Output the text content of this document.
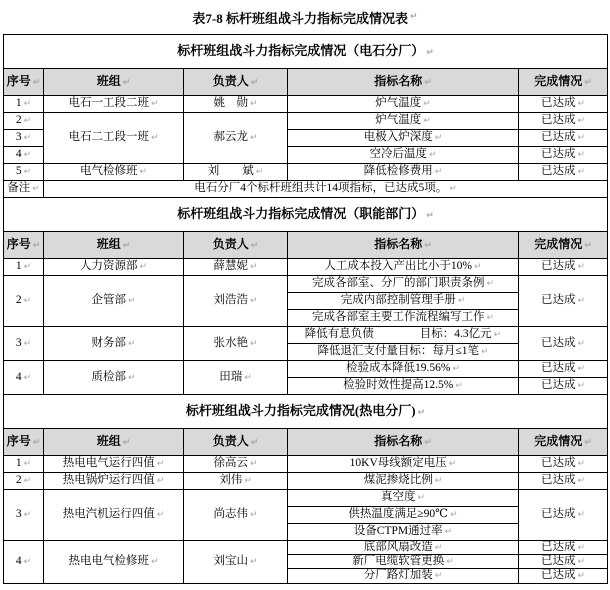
表7-8 标杆班组战斗力指标完成情况表 ↵
标杆班组战斗力指标完成情况（电石分厂） ↵				
序号 ↵	班组 ↵	负责人 ↵	指标名称 ↵	完成情况 ↵
1 ↵	电石一工段二班 ↵	姚　勋 ↵	炉气温度 ↵	已达成 ↵
2 ↵	电石二工段一班 ↵	郝云龙 ↵	炉气温度 ↵	已达成 ↵
3 ↵			电极入炉深度 ↵	已达成 ↵
4 ↵			空冷后温度 ↵	已达成 ↵
5 ↵	电气检修班 ↵	刘　　斌 ↵	降低检修费用 ↵	已达成 ↵
备注 ↵	电石分厂4个标杆班组共计14项指标，已达成5项。 ↵			
标杆班组战斗力指标完成情况（职能部门） ↵				
序号 ↵	班组 ↵	负责人 ↵	指标名称 ↵	完成情况 ↵
1 ↵	人力资源部 ↵	薛慧妮 ↵	人工成本投入产出比小于10% ↵	已达成 ↵
2 ↵	企管部 ↵	刘浩浩 ↵	完成各部室、分厂的部门职责条例 ↵	已达成 ↵
			完成内部控制管理手册 ↵	
			完成各部室主要工作流程编写工作 ↵	
3 ↵	财务部 ↵	张水艳 ↵	降低有息负债　　　　目标：4.3亿元 ↵	已达成 ↵
			降低退汇支付量目标：每月≤1笔 ↵	
4 ↵	质检部 ↵	田瑞 ↵	检验成本降低19.56% ↵	已达成 ↵
			检验时效性提高12.5% ↵	已达成 ↵
标杆班组战斗力指标完成情况(热电分厂) ↵				
序号 ↵	班组 ↵	负责人 ↵	指标名称 ↵	完成情况 ↵
1 ↵	热电电气运行四值 ↵	徐高云 ↵	10KV母线额定电压 ↵	已达成 ↵
2 ↵	热电锅炉运行四值 ↵	刘伟 ↵	煤泥掺烧比例 ↵	已达成 ↵
3 ↵	热电汽机运行四值 ↵	尚志伟 ↵	真空度 ↵	已达成 ↵
			供热温度满足≥90℃ ↵	
			设备CTPM通过率 ↵	
4 ↵	热电电气检修班 ↵	刘宝山 ↵	底部风扇改造 ↵	已达成 ↵
			新厂电缆软管更换 ↵	已达成 ↵
			分厂路灯加装 ↵	已达成 ↵
